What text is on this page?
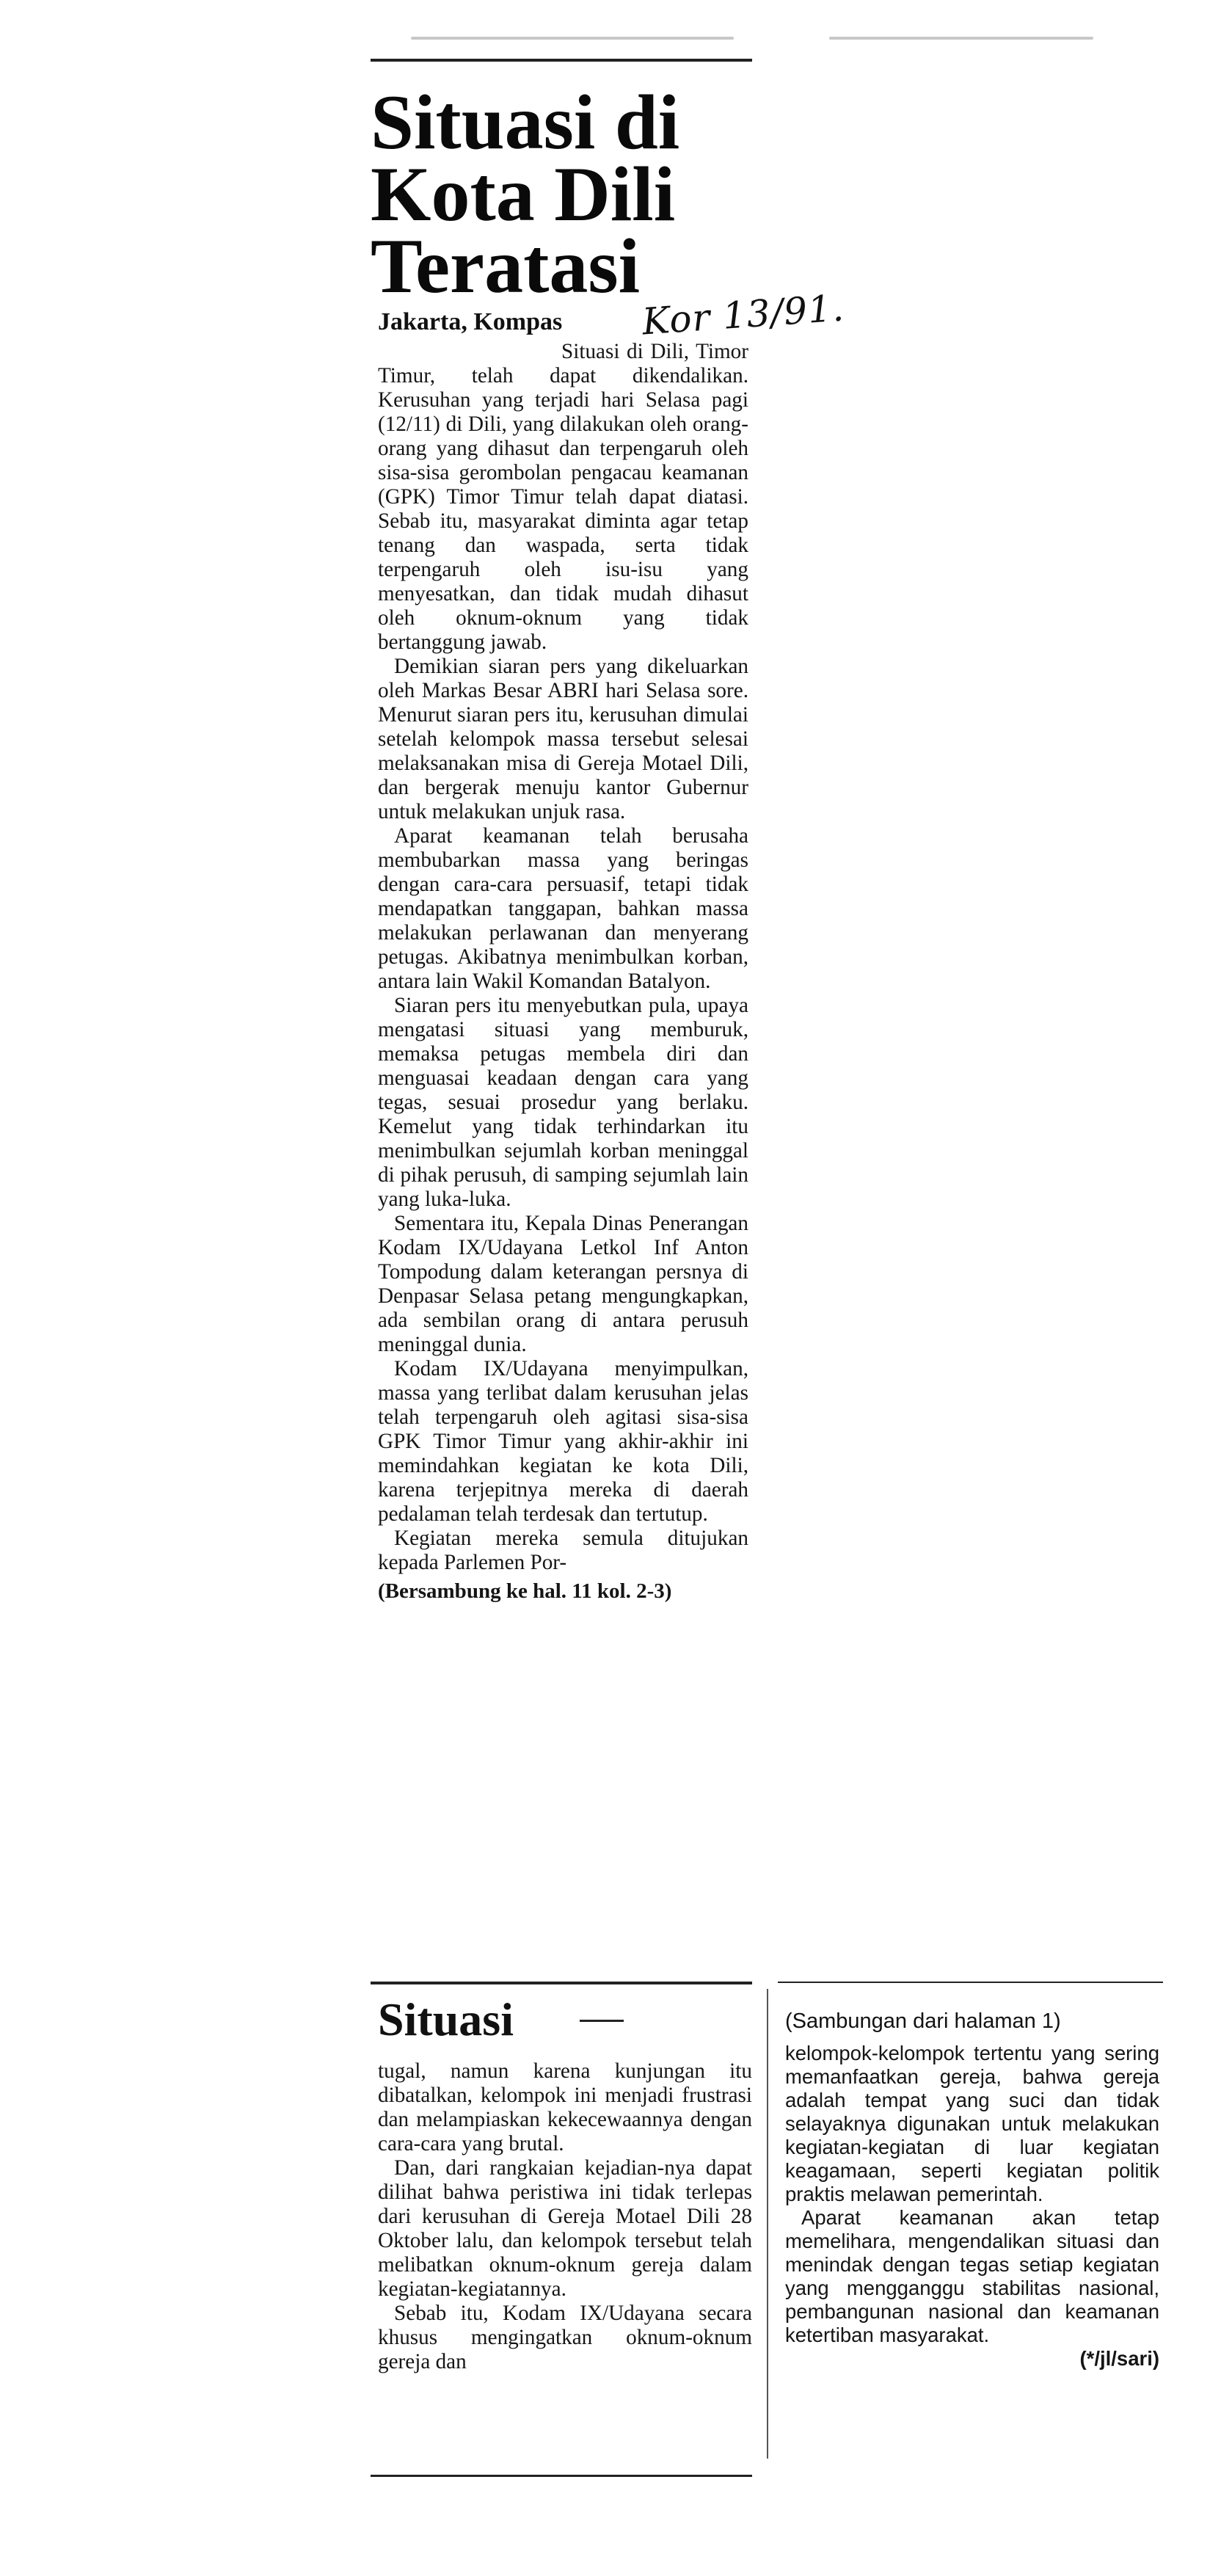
Situasi di
Kota Dili
Teratasi
Kor 13/91.
Jakarta, Kompas

Situasi di Dili, Timor Timur, telah dapat dikendalikan. Kerusuhan yang terjadi hari Selasa pagi (12/11) di Dili, yang dilakukan oleh orang-orang yang dihasut dan terpengaruh oleh sisa-sisa gerombolan pengacau keamanan (GPK) Timor Timur telah dapat diatasi. Sebab itu, masyarakat diminta agar tetap tenang dan waspada, serta tidak terpengaruh oleh isu-isu yang menyesatkan, dan tidak mudah dihasut oleh oknum-oknum yang tidak bertanggung jawab.

Demikian siaran pers yang dikeluarkan oleh Markas Besar ABRI hari Selasa sore. Menurut siaran pers itu, kerusuhan dimulai setelah kelompok massa tersebut selesai melaksanakan misa di Gereja Motael Dili, dan bergerak menuju kantor Gubernur untuk melakukan unjuk rasa.

Aparat keamanan telah berusaha membubarkan massa yang beringas dengan cara-cara persuasif, tetapi tidak mendapatkan tanggapan, bahkan massa melakukan perlawanan dan menyerang petugas. Akibatnya menimbulkan korban, antara lain Wakil Komandan Batalyon.

Siaran pers itu menyebutkan pula, upaya mengatasi situasi yang memburuk, memaksa petugas membela diri dan menguasai keadaan dengan cara yang tegas, sesuai prosedur yang berlaku. Kemelut yang tidak terhindarkan itu menimbulkan sejumlah korban meninggal di pihak perusuh, di samping sejumlah lain yang luka-luka.

Sementara itu, Kepala Dinas Penerangan Kodam IX/Udayana Letkol Inf Anton Tompodung dalam keterangan persnya di Denpasar Selasa petang mengungkapkan, ada sembilan orang di antara perusuh meninggal dunia.

Kodam IX/Udayana menyimpulkan, massa yang terlibat dalam kerusuhan jelas telah terpengaruh oleh agitasi sisa-sisa GPK Timor Timur yang akhir-akhir ini memindahkan kegiatan ke kota Dili, karena terjepitnya mereka di daerah pedalaman telah terdesak dan tertutup.

Kegiatan mereka semula ditujukan kepada Parlemen Por-

(Bersambung ke hal. 11 kol. 2-3)
Situasi

tugal, namun karena kunjungan itu dibatalkan, kelompok ini menjadi frustrasi dan melampiaskan kekecewaannya dengan cara-cara yang brutal.

Dan, dari rangkaian kejadian-nya dapat dilihat bahwa peristiwa ini tidak terlepas dari kerusuhan di Gereja Motael Dili 28 Oktober lalu, dan kelompok tersebut telah melibatkan oknum-oknum gereja dalam kegiatan-kegiatannya.

Sebab itu, Kodam IX/Udayana secara khusus mengingatkan oknum-oknum gereja dan

(Sambungan dari halaman 1)

kelompok-kelompok tertentu yang sering memanfaatkan gereja, bahwa gereja adalah tempat yang suci dan tidak selayaknya digunakan untuk melakukan kegiatan-kegiatan di luar kegiatan keagamaan, seperti kegiatan politik praktis melawan pemerintah.

Aparat keamanan akan tetap memelihara, mengendalikan situasi dan menindak dengan tegas setiap kegiatan yang mengganggu stabilitas nasional, pembangunan nasional dan keamanan ketertiban masyarakat.

(*/jl/sari)
